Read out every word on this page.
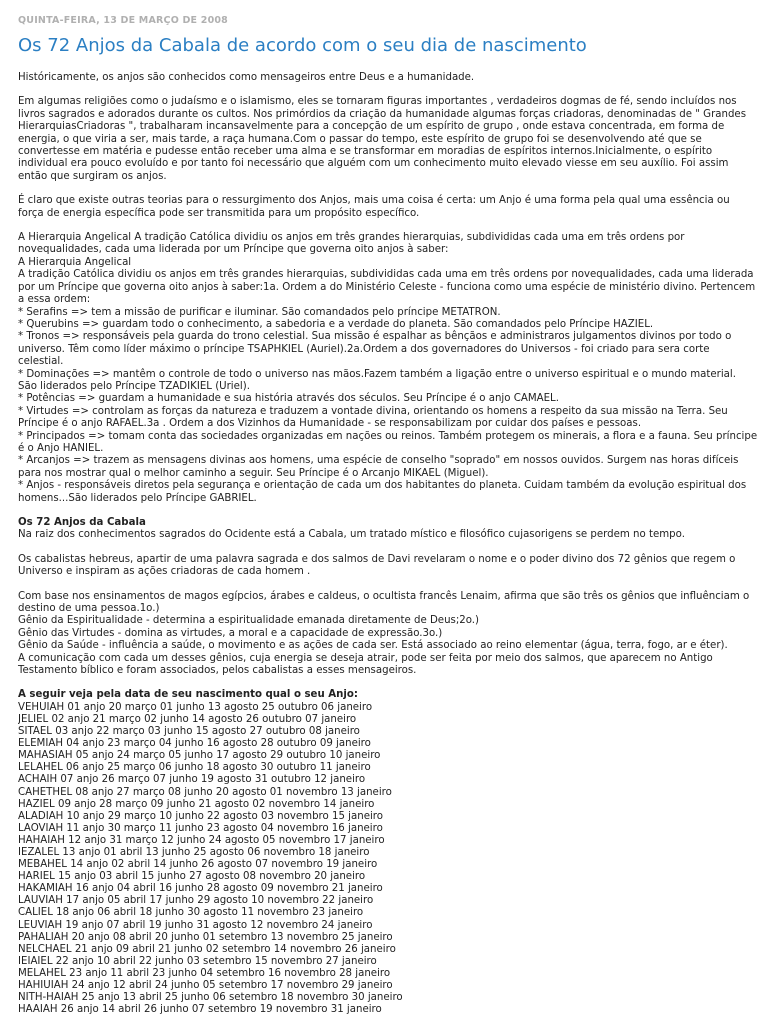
QUINTA-FEIRA, 13 DE MARÇO DE 2008
Os 72 Anjos da Cabala de acordo com o seu dia de nascimento
Históricamente, os anjos são conhecidos como mensageiros entre Deus e a humanidade.
Em algumas religiões como o judaísmo e o islamismo, eles se tornaram figuras importantes , verdadeiros dogmas de fé, sendo incluídos nos livros sagrados e adorados durante os cultos. Nos primórdios da criação da humanidade algumas forças criadoras, denominadas de " Grandes HierarquiasCriadoras ", trabalharam incansavelmente para a concepção de um espírito de grupo , onde estava concentrada, em forma de energia, o que viria a ser, mais tarde, a raça humana.Com o passar do tempo, este espírito de grupo foi se desenvolvendo até que se convertesse em matéria e pudesse então receber uma alma e se transformar em moradias de espíritos internos.Inicialmente, o espírito individual era pouco evoluído e por tanto foi necessário que alguém com um conhecimento muito elevado viesse em seu auxílio. Foi assim então que surgiram os anjos.
É claro que existe outras teorias para o ressurgimento dos Anjos, mais uma coisa é certa: um Anjo é uma forma pela qual uma essência ou força de energia específica pode ser transmitida para um propósito específico.
A Hierarquia Angelical A tradição Católica dividiu os anjos em três grandes hierarquias, subdivididas cada uma em três ordens por novequalidades, cada uma liderada por um Príncipe que governa oito anjos à saber:
A Hierarquia Angelical
A tradição Católica dividiu os anjos em três grandes hierarquias, subdivididas cada uma em três ordens por novequalidades, cada uma liderada por um Príncipe que governa oito anjos à saber:1a. Ordem a do Ministério Celeste - funciona como uma espécie de ministério divino. Pertencem a essa ordem:
* Serafins => tem a missão de purificar e iluminar. São comandados pelo príncipe METATRON.
* Querubins => guardam todo o conhecimento, a sabedoria e a verdade do planeta. São comandados pelo Príncipe HAZIEL.
* Tronos => responsáveis pela guarda do trono celestial. Sua missão é espalhar as bênçãos e administraros julgamentos divinos por todo o universo. Têm como líder máximo o príncipe TSAPHKIEL (Auriel).2a.Ordem a dos governadores do Universos - foi criado para sera corte celestial.
* Dominações => mantêm o controle de todo o universo nas mãos.Fazem também a ligação entre o universo espiritual e o mundo material. São liderados pelo Príncipe TZADIKIEL (Uriel).
* Potências => guardam a humanidade e sua história através dos séculos. Seu Príncipe é o anjo CAMAEL.
* Virtudes => controlam as forças da natureza e traduzem a vontade divina, orientando os homens a respeito da sua missão na Terra. Seu Príncipe é o anjo RAFAEL.3a . Ordem a dos Vizinhos da Humanidade - se responsabilizam por cuidar dos países e pessoas.
* Principados => tomam conta das sociedades organizadas em nações ou reinos. Também protegem os minerais, a flora e a fauna. Seu príncipe é o Anjo HANIEL.
* Arcanjos => trazem as mensagens divinas aos homens, uma espécie de conselho "soprado" em nossos ouvidos. Surgem nas horas difíceis para nos mostrar qual o melhor caminho a seguir. Seu Príncipe é o Arcanjo MIKAEL (Miguel).
* Anjos - responsáveis diretos pela segurança e orientação de cada um dos habitantes do planeta. Cuidam também da evolução espiritual dos homens...São liderados pelo Príncipe GABRIEL.
Os 72 Anjos da Cabala
Na raiz dos conhecimentos sagrados do Ocidente está a Cabala, um tratado místico e filosófico cujasorigens se perdem no tempo.
Os cabalistas hebreus, apartir de uma palavra sagrada e dos salmos de Davi revelaram o nome e o poder divino dos 72 gênios que regem o Universo e inspiram as ações criadoras de cada homem .
Com base nos ensinamentos de magos egípcios, árabes e caldeus, o ocultista francês Lenaim, afirma que são três os gênios que influênciam o destino de uma pessoa.1o.)
Gênio da Espiritualidade - determina a espiritualidade emanada diretamente de Deus;2o.)
Gênio das Virtudes - domina as virtudes, a moral e a capacidade de expressão.3o.)
Gênio da Saúde - influência a saúde, o movimento e as ações de cada ser. Está associado ao reino elementar (água, terra, fogo, ar e éter).
A comunicação com cada um desses gênios, cuja energia se deseja atrair, pode ser feita por meio dos salmos, que aparecem no Antigo Testamento bíblico e foram associados, pelos cabalistas a esses mensageiros.
A seguir veja pela data de seu nascimento qual o seu Anjo:
VEHUIAH 01 anjo 20 março 01 junho 13 agosto 25 outubro 06 janeiro
JELIEL 02 anjo 21 março 02 junho 14 agosto 26 outubro 07 janeiro
SITAEL 03 anjo 22 março 03 junho 15 agosto 27 outubro 08 janeiro
ELEMIAH 04 anjo 23 março 04 junho 16 agosto 28 outubro 09 janeiro
MAHASIAH 05 anjo 24 março 05 junho 17 agosto 29 outubro 10 janeiro
LELAHEL 06 anjo 25 março 06 junho 18 agosto 30 outubro 11 janeiro
ACHAIH 07 anjo 26 março 07 junho 19 agosto 31 outubro 12 janeiro
CAHETHEL 08 anjo 27 março 08 junho 20 agosto 01 novembro 13 janeiro
HAZIEL 09 anjo 28 março 09 junho 21 agosto 02 novembro 14 janeiro
ALADIAH 10 anjo 29 março 10 junho 22 agosto 03 novembro 15 janeiro
LAOVIAH 11 anjo 30 março 11 junho 23 agosto 04 novembro 16 janeiro
HAHAIAH 12 anjo 31 março 12 junho 24 agosto 05 novembro 17 janeiro
IEZALEL 13 anjo 01 abril 13 junho 25 agosto 06 novembro 18 janeiro
MEBAHEL 14 anjo 02 abril 14 junho 26 agosto 07 novembro 19 janeiro
HARIEL 15 anjo 03 abril 15 junho 27 agosto 08 novembro 20 janeiro
HAKAMIAH 16 anjo 04 abril 16 junho 28 agosto 09 novembro 21 janeiro
LAUVIAH 17 anjo 05 abril 17 junho 29 agosto 10 novembro 22 janeiro
CALIEL 18 anjo 06 abril 18 junho 30 agosto 11 novembro 23 janeiro
LEUVIAH 19 anjo 07 abril 19 junho 31 agosto 12 novembro 24 janeiro
PAHALIAH 20 anjo 08 abril 20 junho 01 setembro 13 novembro 25 janeiro
NELCHAEL 21 anjo 09 abril 21 junho 02 setembro 14 novembro 26 janeiro
IEIAIEL 22 anjo 10 abril 22 junho 03 setembro 15 novembro 27 janeiro
MELAHEL 23 anjo 11 abril 23 junho 04 setembro 16 novembro 28 janeiro
HAHIUIAH 24 anjo 12 abril 24 junho 05 setembro 17 novembro 29 janeiro
NITH-HAIAH 25 anjo 13 abril 25 junho 06 setembro 18 novembro 30 janeiro
HAAIAH 26 anjo 14 abril 26 junho 07 setembro 19 novembro 31 janeiro
